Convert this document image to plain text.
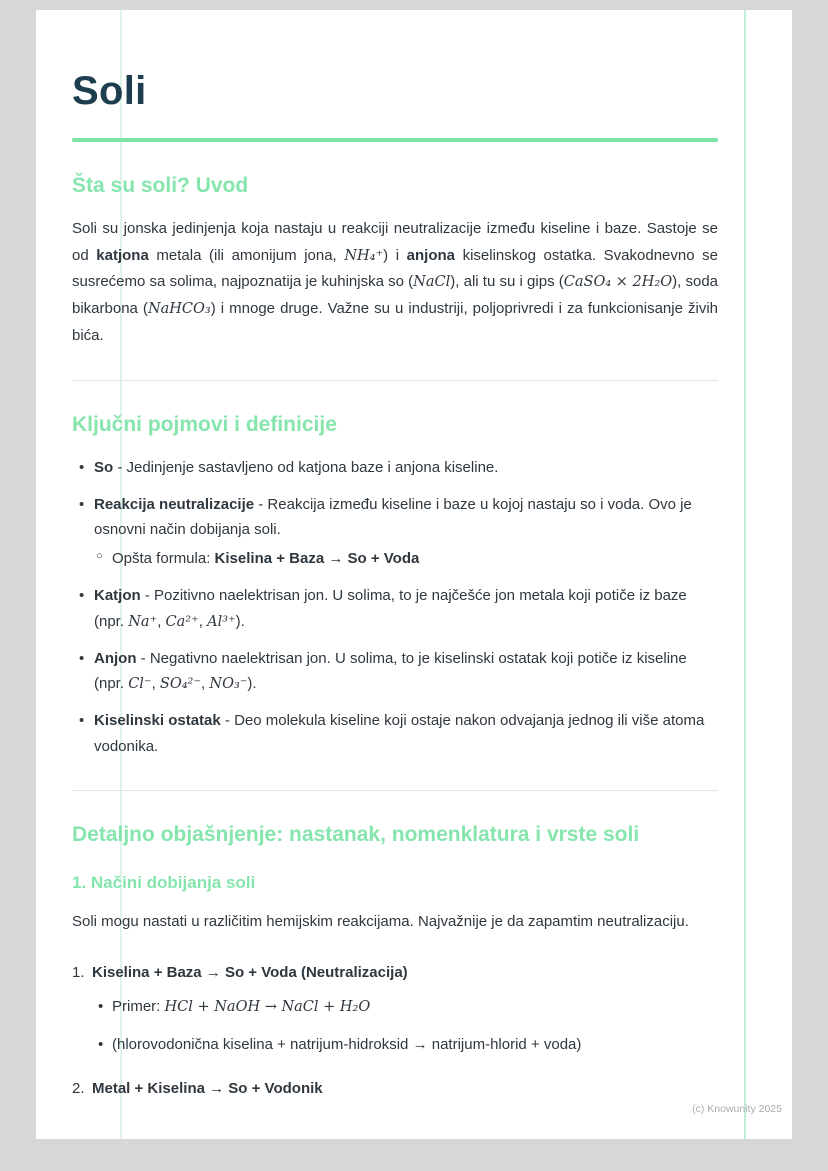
Soli
Šta su soli? Uvod

Soli su jonska jedinjenja koja nastaju u reakciji neutralizacije između kiseline i baze. Sastoje se od katjona metala (ili amonijum jona, NH₄⁺) i anjona kiselinskog ostatka. Svakodnevno se susrećemo sa solima, najpoznatija je kuhinjska so (NaCl), ali tu su i gips (CaSO₄ × 2H₂O), soda bikarbona (NaHCO₃) i mnoge druge. Važne su u industriji, poljoprivredi i za funkcionisanje živih bića.

Ključni pojmovi i definicije
• So - Jedinjenje sastavljeno od katjona baze i anjona kiseline.
• Reakcija neutralizacije - Reakcija između kiseline i baze u kojoj nastaju so i voda. Ovo je osnovni način dobijanja soli.
○ Opšta formula: Kiselina + Baza → So + Voda
• Katjon - Pozitivno naelektrisan jon. U solima, to je najčešće jon metala koji potiče iz baze (npr. Na⁺, Ca²⁺, Al³⁺).
• Anjon - Negativno naelektrisan jon. U solima, to je kiselinski ostatak koji potiče iz kiseline (npr. Cl⁻, SO₄²⁻, NO₃⁻).
• Kiselinski ostatak - Deo molekula kiseline koji ostaje nakon odvajanja jednog ili više atoma vodonika.
Detaljno objašnjenje: nastanak, nomenklatura i vrste soli
1. Načini dobijanja soli

Soli mogu nastati u različitim hemijskim reakcijama. Najvažnije je da zapamtim neutralizaciju.

1. Kiselina + Baza → So + Voda (Neutralizacija)
• Primer: HCl + NaOH → NaCl + H₂O
• (hlorovodonična kiselina + natrijum-hidroksid → natrijum-hlorid + voda)
2. Metal + Kiselina → So + Vodonik
(c) Knowunity 2025
